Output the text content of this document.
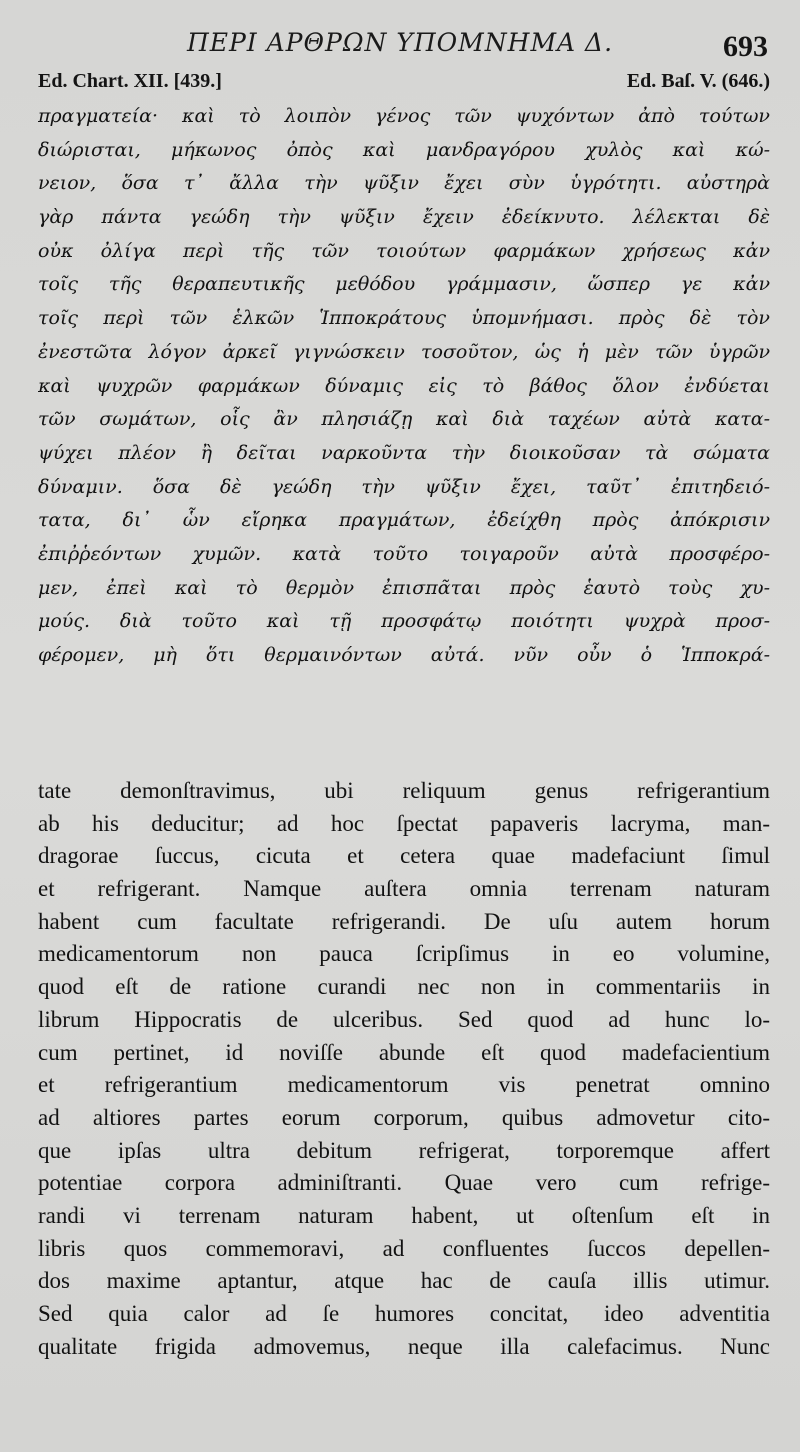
ΠΕΡΙ ΑΡΘΡΩΝ ΥΠΟΜΝΗΜΑ Δ.	693
Ed. Chart. XII. [439.]	Ed. Baſ. V. (646.)
πραγματεία· καὶ τὸ λοιπὸν γένος τῶν ψυχόντων ἀπὸ τούτων
διώρισται, μήκωνος ὀπὸς καὶ μανδραγόρου χυλὸς καὶ κώ-
νειον, ὅσα τ᾽ ἄλλα τὴν ψῦξιν ἔχει σὺν ὑγρότητι. αὐστηρὰ
γὰρ πάντα γεώδη τὴν ψῦξιν ἔχειν ἐδείκνυτο. λέλεκται δὲ
οὐκ ὀλίγα περὶ τῆς τῶν τοιούτων φαρμάκων χρήσεως κἀν
τοῖς τῆς θεραπευτικῆς μεθόδου γράμμασιν, ὥσπερ γε κἀν
τοῖς περὶ τῶν ἑλκῶν Ἱπποκράτους ὑπομνήμασι. πρὸς δὲ τὸν
ἐνεστῶτα λόγον ἀρκεῖ γιγνώσκειν τοσοῦτον, ὡς ἡ μὲν τῶν ὑγρῶν
καὶ ψυχρῶν φαρμάκων δύναμις εἰς τὸ βάθος ὅλον ἐνδύεται
τῶν σωμάτων, οἷς ἂν πλησιάζῃ καὶ διὰ ταχέων αὐτὰ κατα-
ψύχει πλέον ἢ δεῖται ναρκοῦντα τὴν διοικοῦσαν τὰ σώματα
δύναμιν. ὅσα δὲ γεώδη τὴν ψῦξιν ἔχει, ταῦτ᾽ ἐπιτηδειό-
τατα, δι᾽ ὧν εἴρηκα πραγμάτων, ἐδείχθη πρὸς ἀπόκρισιν
ἐπιῤῥεόντων χυμῶν. κατὰ τοῦτο τοιγαροῦν αὐτὰ προσφέρο-
μεν, ἐπεὶ καὶ τὸ θερμὸν ἐπισπᾶται πρὸς ἑαυτὸ τοὺς χυ-
μούς. διὰ τοῦτο καὶ τῇ προσφάτῳ ποιότητι ψυχρὰ προσ-
φέρομεν, μὴ ὅτι θερμαινόντων αὐτά. νῦν οὖν ὁ Ἱπποκρά-
tate demonſtravimus, ubi reliquum genus refrigerantium
ab his deducitur; ad hoc ſpectat papaveris lacryma, man-
dragorae ſuccus, cicuta et cetera quae madefaciunt ſimul
et refrigerant. Namque auſtera omnia terrenam naturam
habent cum facultate refrigerandi. De uſu autem horum
medicamentorum non pauca ſcripſimus in eo volumine,
quod eſt de ratione curandi nec non in commentariis in
librum Hippocratis de ulceribus. Sed quod ad hunc lo-
cum pertinet, id noviſſe abunde eſt quod madefacientium
et refrigerantium medicamentorum vis penetrat omnino
ad altiores partes eorum corporum, quibus admovetur cito-
que ipſas ultra debitum refrigerat, torporemque affert
potentiae corpora adminiſtranti. Quae vero cum refrige-
randi vi terrenam naturam habent, ut oſtenſum eſt in
libris quos commemoravi, ad confluentes ſuccos depellen-
dos maxime aptantur, atque hac de cauſa illis utimur.
Sed quia calor ad ſe humores concitat, ideo adventitia
qualitate frigida admovemus, neque illa calefacimus. Nunc
